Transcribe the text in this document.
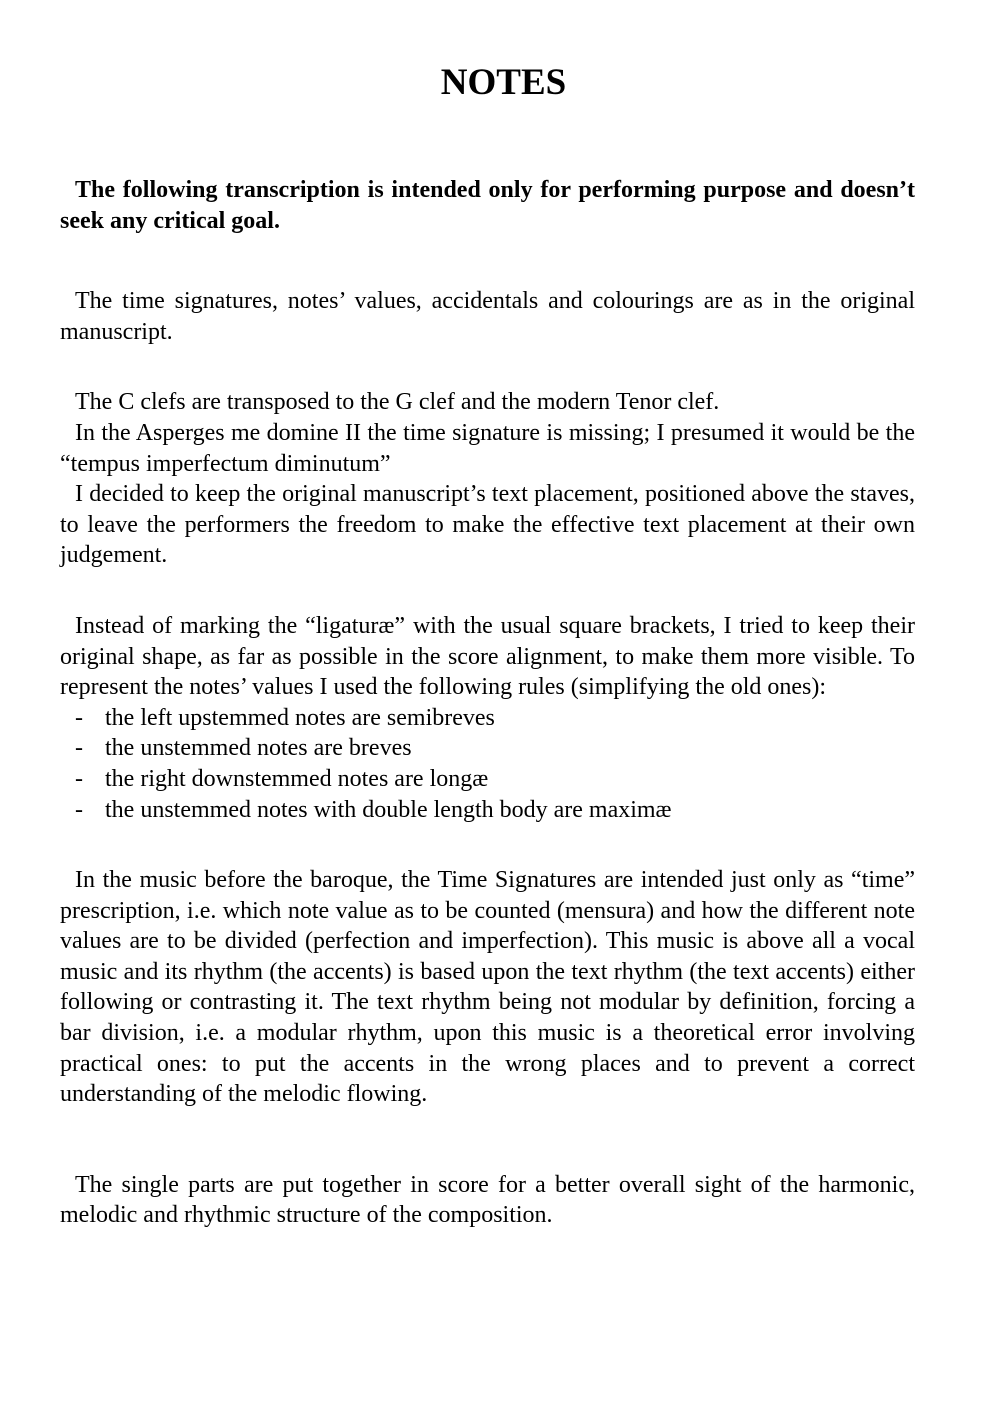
NOTES

The following transcription is intended only for performing purpose and doesn’t seek any critical goal.

The time signatures, notes’ values, accidentals and colourings are as in the original manuscript.

The C clefs are transposed to the G clef and the modern Tenor clef.

In the Asperges me domine II the time signature is missing; I presumed it would be the “tempus imperfectum diminutum”

I decided to keep the original manuscript’s text placement, positioned above the staves, to leave the performers the freedom to make the effective text placement at their own judgement.

Instead of marking the “ligaturæ” with the usual square brackets, I tried to keep their original shape, as far as possible in the score alignment, to make them more visible. To represent the notes’ values I used the following rules (simplifying the old ones):

- the left upstemmed notes are semibreves
- the unstemmed notes are breves
- the right downstemmed notes are longæ
- the unstemmed notes with double length body are maximæ

In the music before the baroque, the Time Signatures are intended just only as “time” prescription, i.e. which note value as to be counted (mensura) and how the different note values are to be divided (perfection and imperfection). This music is above all a vocal music and its rhythm (the accents) is based upon the text rhythm (the text accents) either following or contrasting it. The text rhythm being not modular by definition, forcing a bar division, i.e. a modular rhythm, upon this music is a theoretical error involving practical ones: to put the accents in the wrong places and to prevent a correct understanding of the melodic flowing.

The single parts are put together in score for a better overall sight of the harmonic, melodic and rhythmic structure of the composition.
